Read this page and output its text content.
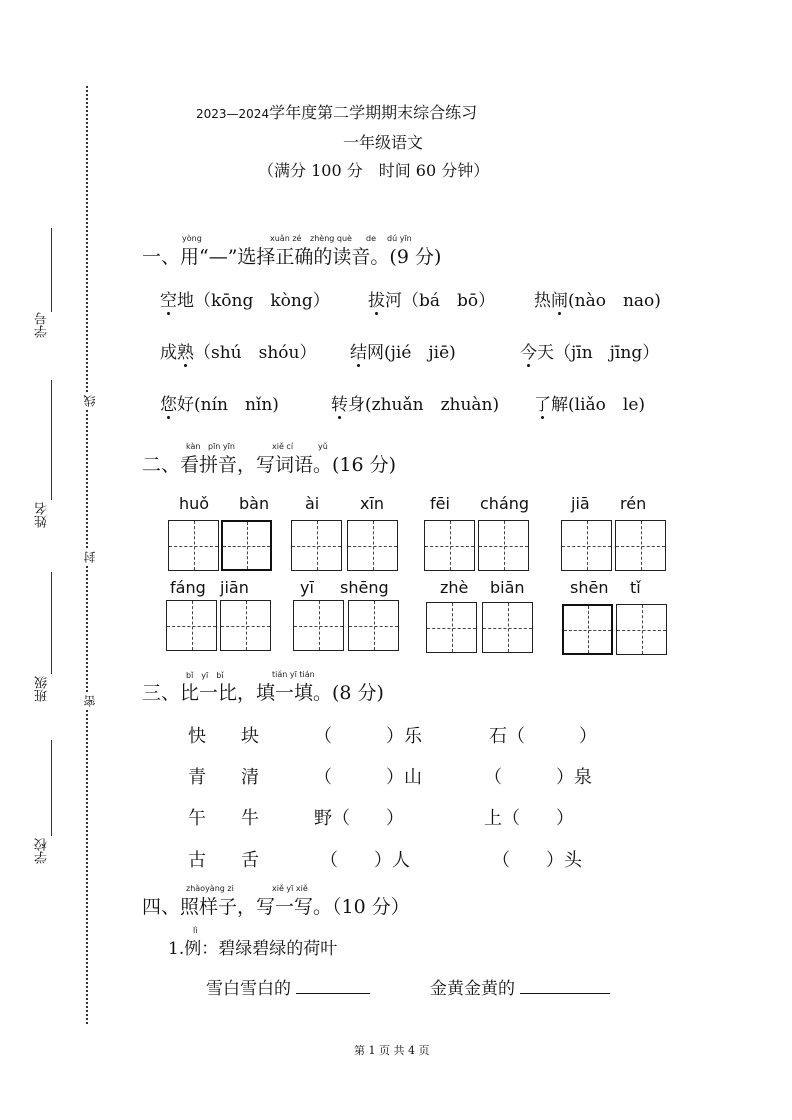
线
封
密
学号
姓名
班级
学校
2023—2024学年度第二学期期末综合练习
一年级语文
（满分 100 分　时间 60 分钟）
yòng	xuǎn zé zhèng què de dú yīn
一、用“—”选择正确的读音。(9 分)
空地（kōng　kòng） 拔河（bá　bō） 热闹(nào　nao)
成熟（shú　shóu） 结网(jié　jiē)	今天（jīn　jīng）
您好(nín　nǐn)	转身(zhuǎn　zhuàn) 了解(liǎo　le)
kàn pīn yīn	xiě cí	yǔ
二、看拼音，写词语。(16 分)
huǒ bàn ài	xīn	fēi cháng	jiā rén
fáng jiān	yī shēng	zhè biān	shēn tǐ
bǐ　yī　bǐ	tián yī tián
三、比一比，填一填。(8 分)
快 块	（　　　）乐	石（　　　）
青 清	（　　　）山	（　　　）泉
午 牛	野（　　）	上（　　）
古 舌	（　　）人	（　　）头
zhàoyàng zi	xiě yī xiě
四、照样子，写一写。（10 分）
lì
1.例：碧绿碧绿的荷叶
雪白雪白的	金黄金黄的
第 1 页 共 4 页
